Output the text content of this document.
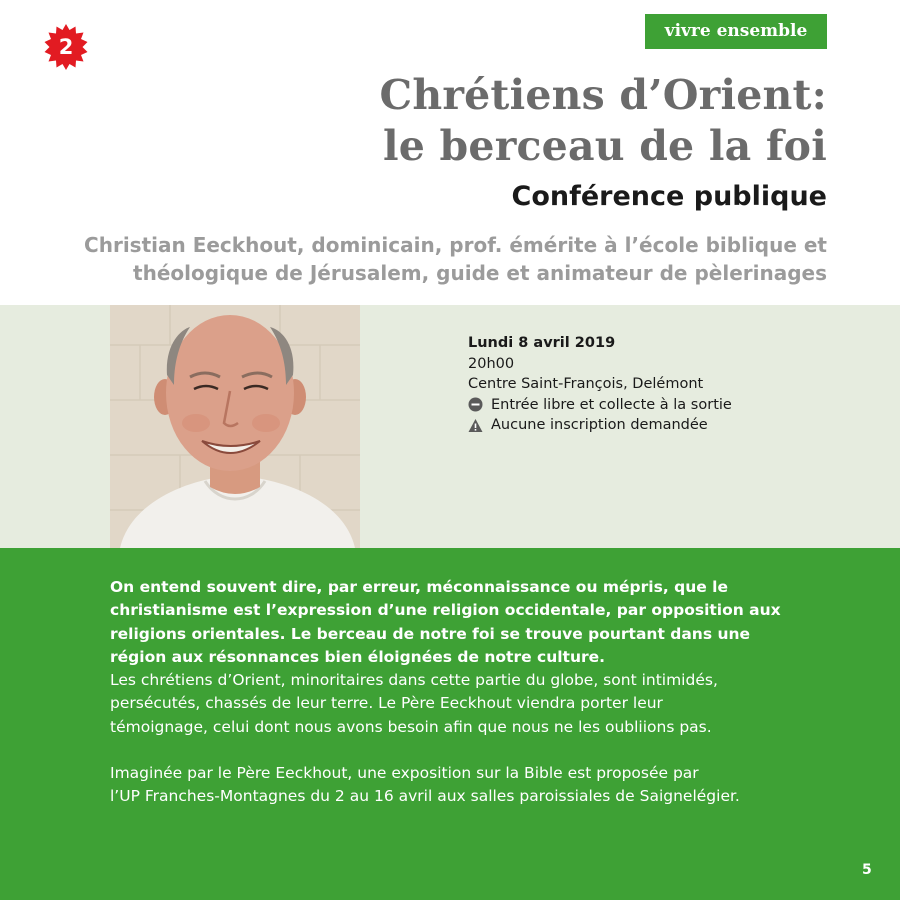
2
vivre ensemble
Chrétiens d’Orient:
le berceau de la foi
Conférence publique

Christian Eeckhout, dominicain, prof. émérite à l’école biblique et
théologique de Jérusalem, guide et animateur de pèlerinages

Lundi 8 avril 2019
20h00
Centre Saint-François, Delémont
Entrée libre et collecte à la sortie
Aucune inscription demandée

On entend souvent dire, par erreur, méconnaissance ou mépris, que le
christianisme est l’expression d’une religion occidentale, par opposition aux
religions orientales. Le berceau de notre foi se trouve pourtant dans une
région aux résonnances bien éloignées de notre culture.

Les chrétiens d’Orient, minoritaires dans cette partie du globe, sont intimidés,
persécutés, chassés de leur terre. Le Père Eeckhout viendra porter leur
témoignage, celui dont nous avons besoin afin que nous ne les oubliions pas.

Imaginée par le Père Eeckhout, une exposition sur la Bible est proposée par
l’UP Franches-Montagnes du 2 au 16 avril aux salles paroissiales de Saignelégier.

5
